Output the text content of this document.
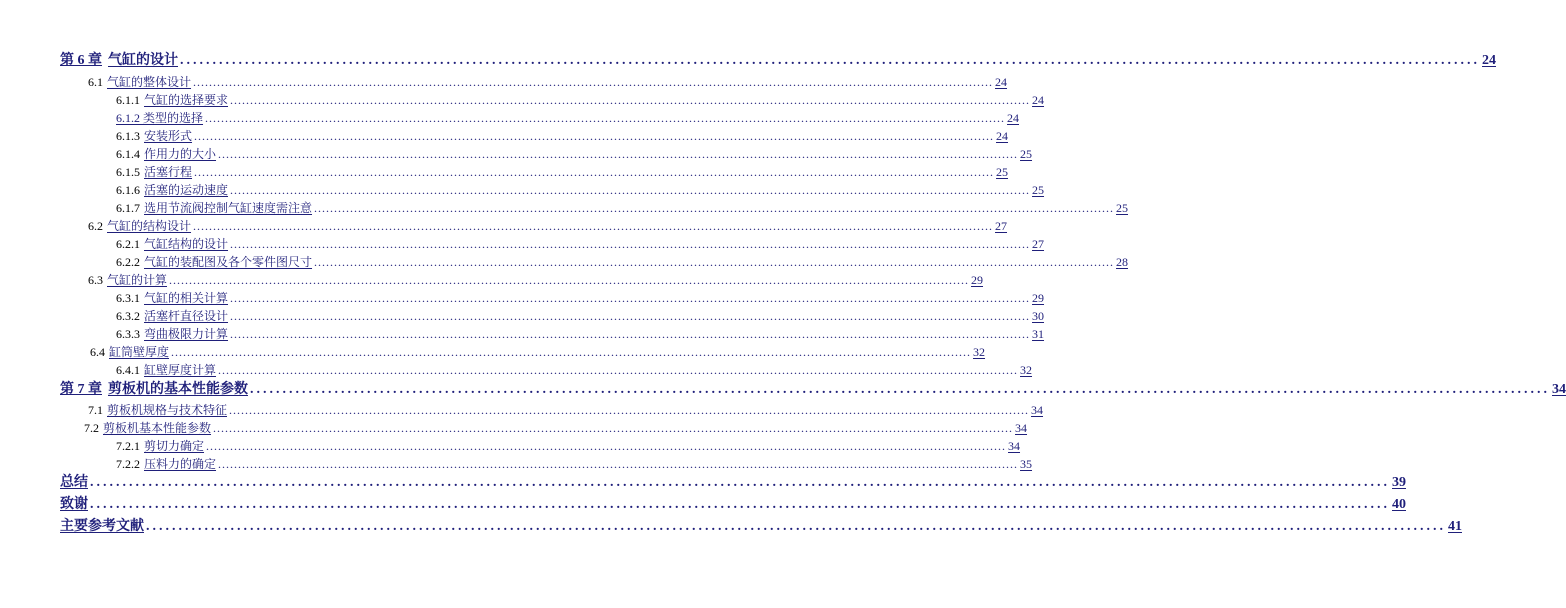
第 6 章 气缸的设计 ........................................................................................................................................................................................................ 24
6.1 气缸的整体设计 ........................................................................................................................................................................................................ 24
6.1.1 气缸的选择要求 ........................................................................................................................................................................................................ 24
6.1.2 类型的选择 ........................................................................................................................................................................................................ 24
6.1.3 安装形式 ........................................................................................................................................................................................................ 24
6.1.4 作用力的大小 ........................................................................................................................................................................................................ 25
6.1.5 活塞行程 ........................................................................................................................................................................................................ 25
6.1.6 活塞的运动速度 ........................................................................................................................................................................................................ 25
6.1.7 选用节流阀控制气缸速度需注意 ........................................................................................................................................................................................................ 25
6.2 气缸的结构设计 ........................................................................................................................................................................................................ 27
6.2.1 气缸结构的设计 ........................................................................................................................................................................................................ 27
6.2.2 气缸的装配图及各个零件图尺寸 ........................................................................................................................................................................................................ 28
6.3 气缸的计算 ........................................................................................................................................................................................................ 29
6.3.1 气缸的相关计算 ........................................................................................................................................................................................................ 29
6.3.2 活塞杆直径设计 ........................................................................................................................................................................................................ 30
6.3.3 弯曲极限力计算 ........................................................................................................................................................................................................ 31
6.4 缸筒壁厚度 ........................................................................................................................................................................................................ 32
6.4.1 缸壁厚度计算 ........................................................................................................................................................................................................ 32
第 7 章 剪板机的基本性能参数 ........................................................................................................................................................................................................ 34
7.1 剪板机规格与技术特征 ........................................................................................................................................................................................................ 34
7.2 剪板机基本性能参数 ........................................................................................................................................................................................................ 34
7.2.1 剪切力确定 ........................................................................................................................................................................................................ 34
7.2.2 压料力的确定 ........................................................................................................................................................................................................ 35
总结 ........................................................................................................................................................................................................ 39
致谢 ........................................................................................................................................................................................................ 40
主要参考文献 ........................................................................................................................................................................................................ 41
